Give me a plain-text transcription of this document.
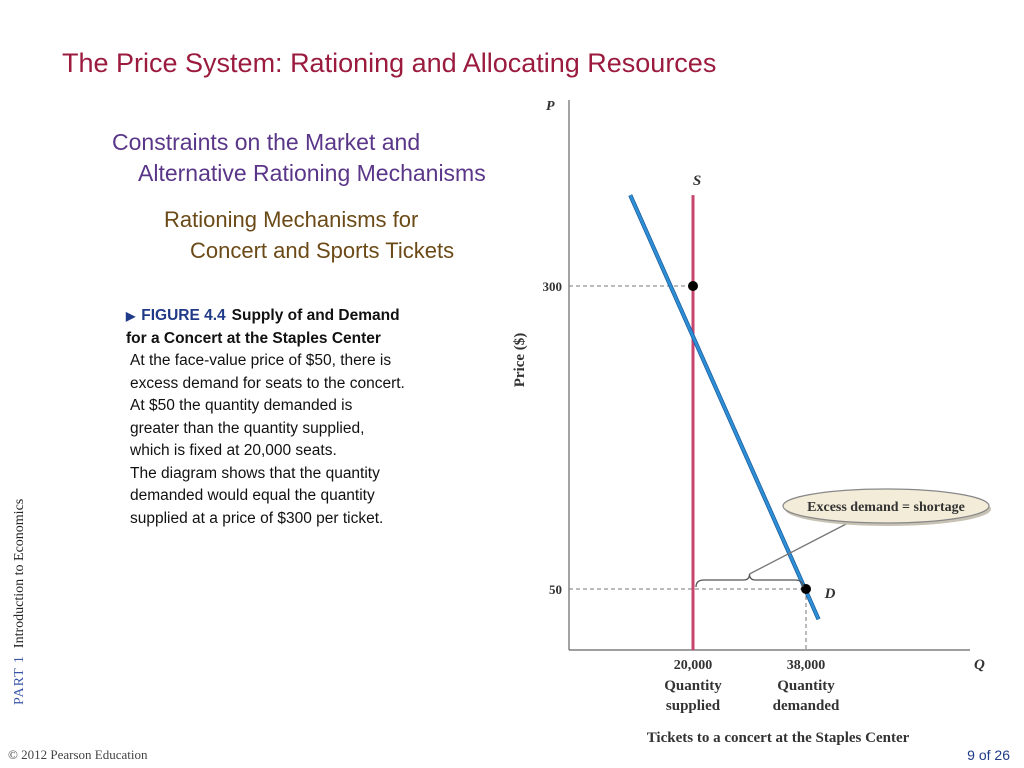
The Price System: Rationing and Allocating Resources
Constraints on the Market and
Alternative Rationing Mechanisms
Rationing Mechanisms for
Concert and Sports Tickets
▶ FIGURE 4.4 Supply of and Demand
for a Concert at the Staples Center
At the face-value price of $50, there is
excess demand for seats to the concert.
At $50 the quantity demanded is
greater than the quantity supplied,
which is fixed at 20,000 seats.
The diagram shows that the quantity
demanded would equal the quantity
supplied at a price of $300 per ticket.
PART 1  Introduction to Economics
© 2012 Pearson Education	9 of 26
P
Q
Price ($)
Tickets to a concert at the Staples Center
300
50
20,000
Quantity
supplied
38,000
Quantity
demanded
S
D
Excess demand = shortage
